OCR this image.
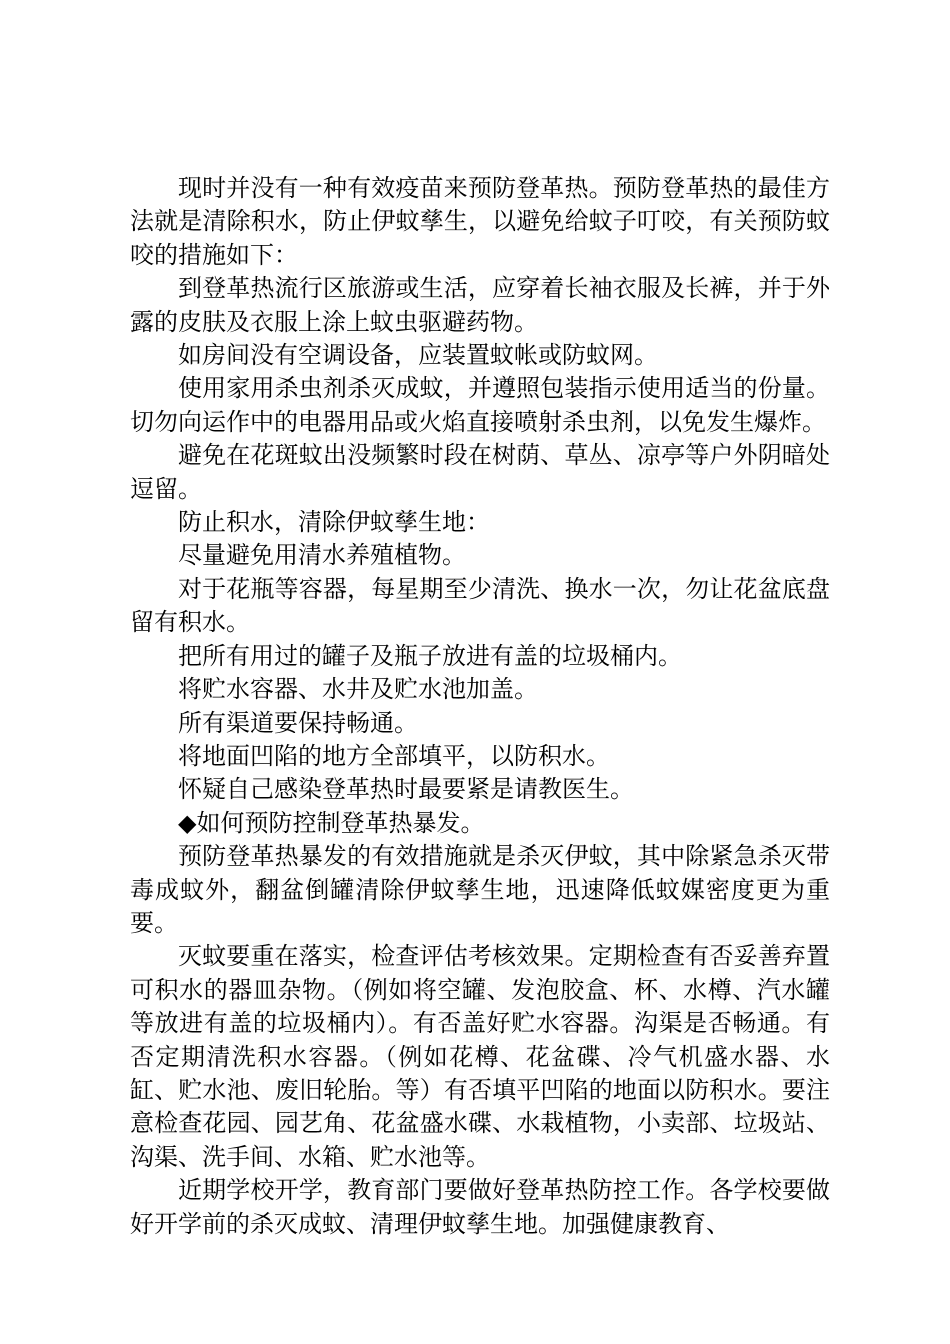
现时并没有一种有效疫苗来预防登革热。预防登革热的最佳方法就是清除积水，防止伊蚊孳生，以避免给蚊子叮咬，有关预防蚊咬的措施如下：

到登革热流行区旅游或生活，应穿着长袖衣服及长裤，并于外露的皮肤及衣服上涂上蚊虫驱避药物。

如房间没有空调设备，应装置蚊帐或防蚊网。

使用家用杀虫剂杀灭成蚊，并遵照包装指示使用适当的份量。切勿向运作中的电器用品或火焰直接喷射杀虫剂，以免发生爆炸。

避免在花斑蚊出没频繁时段在树荫、草丛、凉亭等户外阴暗处逗留。

防止积水，清除伊蚊孳生地：

尽量避免用清水养殖植物。

对于花瓶等容器，每星期至少清洗、换水一次，勿让花盆底盘留有积水。

把所有用过的罐子及瓶子放进有盖的垃圾桶内。

将贮水容器、水井及贮水池加盖。

所有渠道要保持畅通。

将地面凹陷的地方全部填平，以防积水。

怀疑自己感染登革热时最要紧是请教医生。

◆如何预防控制登革热暴发。

预防登革热暴发的有效措施就是杀灭伊蚊，其中除紧急杀灭带毒成蚊外，翻盆倒罐清除伊蚊孳生地，迅速降低蚊媒密度更为重要。

灭蚊要重在落实，检查评估考核效果。定期检查有否妥善弃置可积水的器皿杂物。（例如将空罐、发泡胶盒、杯、水樽、汽水罐等放进有盖的垃圾桶内）。有否盖好贮水容器。沟渠是否畅通。有否定期清洗积水容器。（例如花樽、花盆碟、冷气机盛水器、水缸、贮水池、废旧轮胎。等）有否填平凹陷的地面以防积水。要注意检查花园、园艺角、花盆盛水碟、水栽植物，小卖部、垃圾站、沟渠、洗手间、水箱、贮水池等。

近期学校开学，教育部门要做好登革热防控工作。各学校要做好开学前的杀灭成蚊、清理伊蚊孳生地。加强健康教育、
